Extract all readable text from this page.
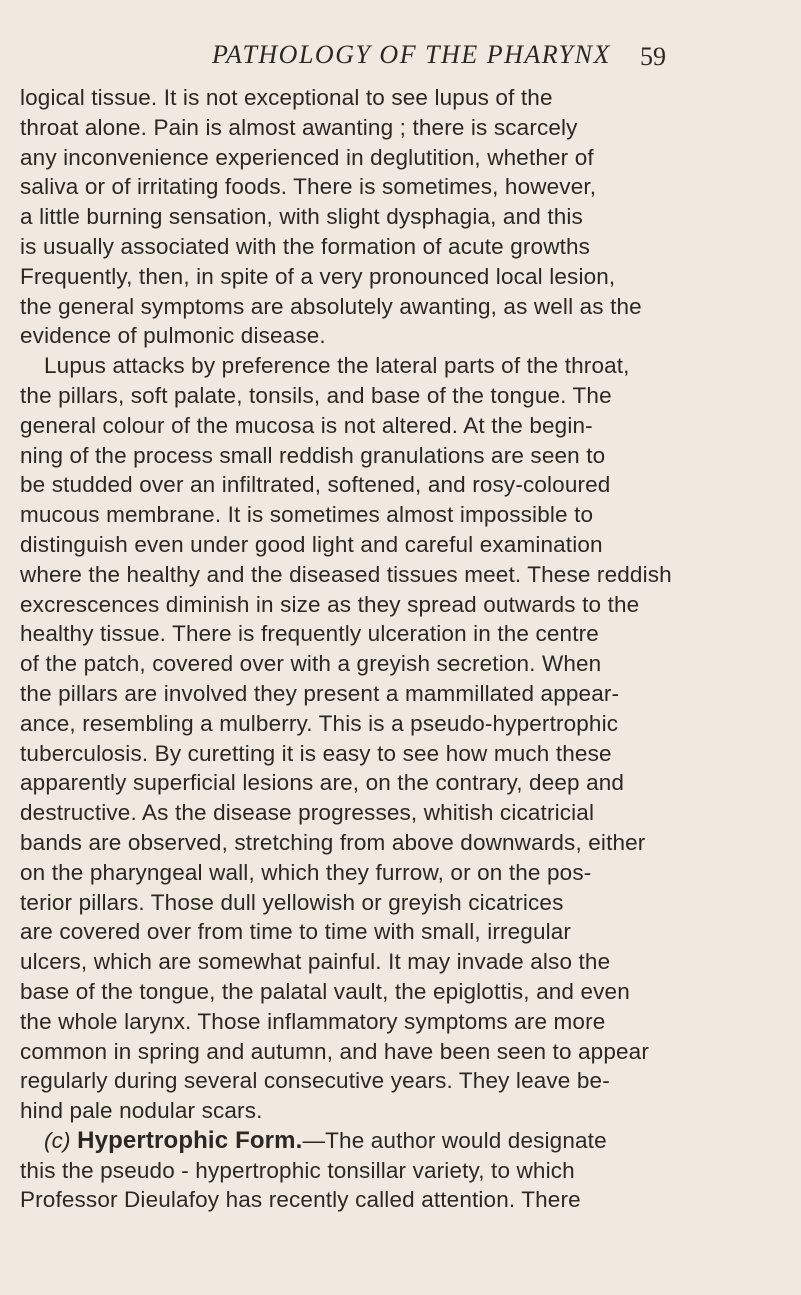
PATHOLOGY OF THE PHARYNX 59
logical tissue. It is not exceptional to see lupus of the
throat alone. Pain is almost awanting ; there is scarcely
any inconvenience experienced in deglutition, whether of
saliva or of irritating foods. There is sometimes, however,
a little burning sensation, with slight dysphagia, and this
is usually associated with the formation of acute growths
Frequently, then, in spite of a very pronounced local lesion,
the general symptoms are absolutely awanting, as well as the
evidence of pulmonic disease.
Lupus attacks by preference the lateral parts of the throat,
the pillars, soft palate, tonsils, and base of the tongue. The
general colour of the mucosa is not altered. At the begin-
ning of the process small reddish granulations are seen to
be studded over an infiltrated, softened, and rosy-coloured
mucous membrane. It is sometimes almost impossible to
distinguish even under good light and careful examination
where the healthy and the diseased tissues meet. These reddish
excrescences diminish in size as they spread outwards to the
healthy tissue. There is frequently ulceration in the centre
of the patch, covered over with a greyish secretion. When
the pillars are involved they present a mammillated appear-
ance, resembling a mulberry. This is a pseudo-hypertrophic
tuberculosis. By curetting it is easy to see how much these
apparently superficial lesions are, on the contrary, deep and
destructive. As the disease progresses, whitish cicatricial
bands are observed, stretching from above downwards, either
on the pharyngeal wall, which they furrow, or on the pos-
terior pillars. Those dull yellowish or greyish cicatrices
are covered over from time to time with small, irregular
ulcers, which are somewhat painful. It may invade also the
base of the tongue, the palatal vault, the epiglottis, and even
the whole larynx. Those inflammatory symptoms are more
common in spring and autumn, and have been seen to appear
regularly during several consecutive years. They leave be-
hind pale nodular scars.
(c) Hypertrophic Form.—The author would designate
this the pseudo - hypertrophic tonsillar variety, to which
Professor Dieulafoy has recently called attention. There
